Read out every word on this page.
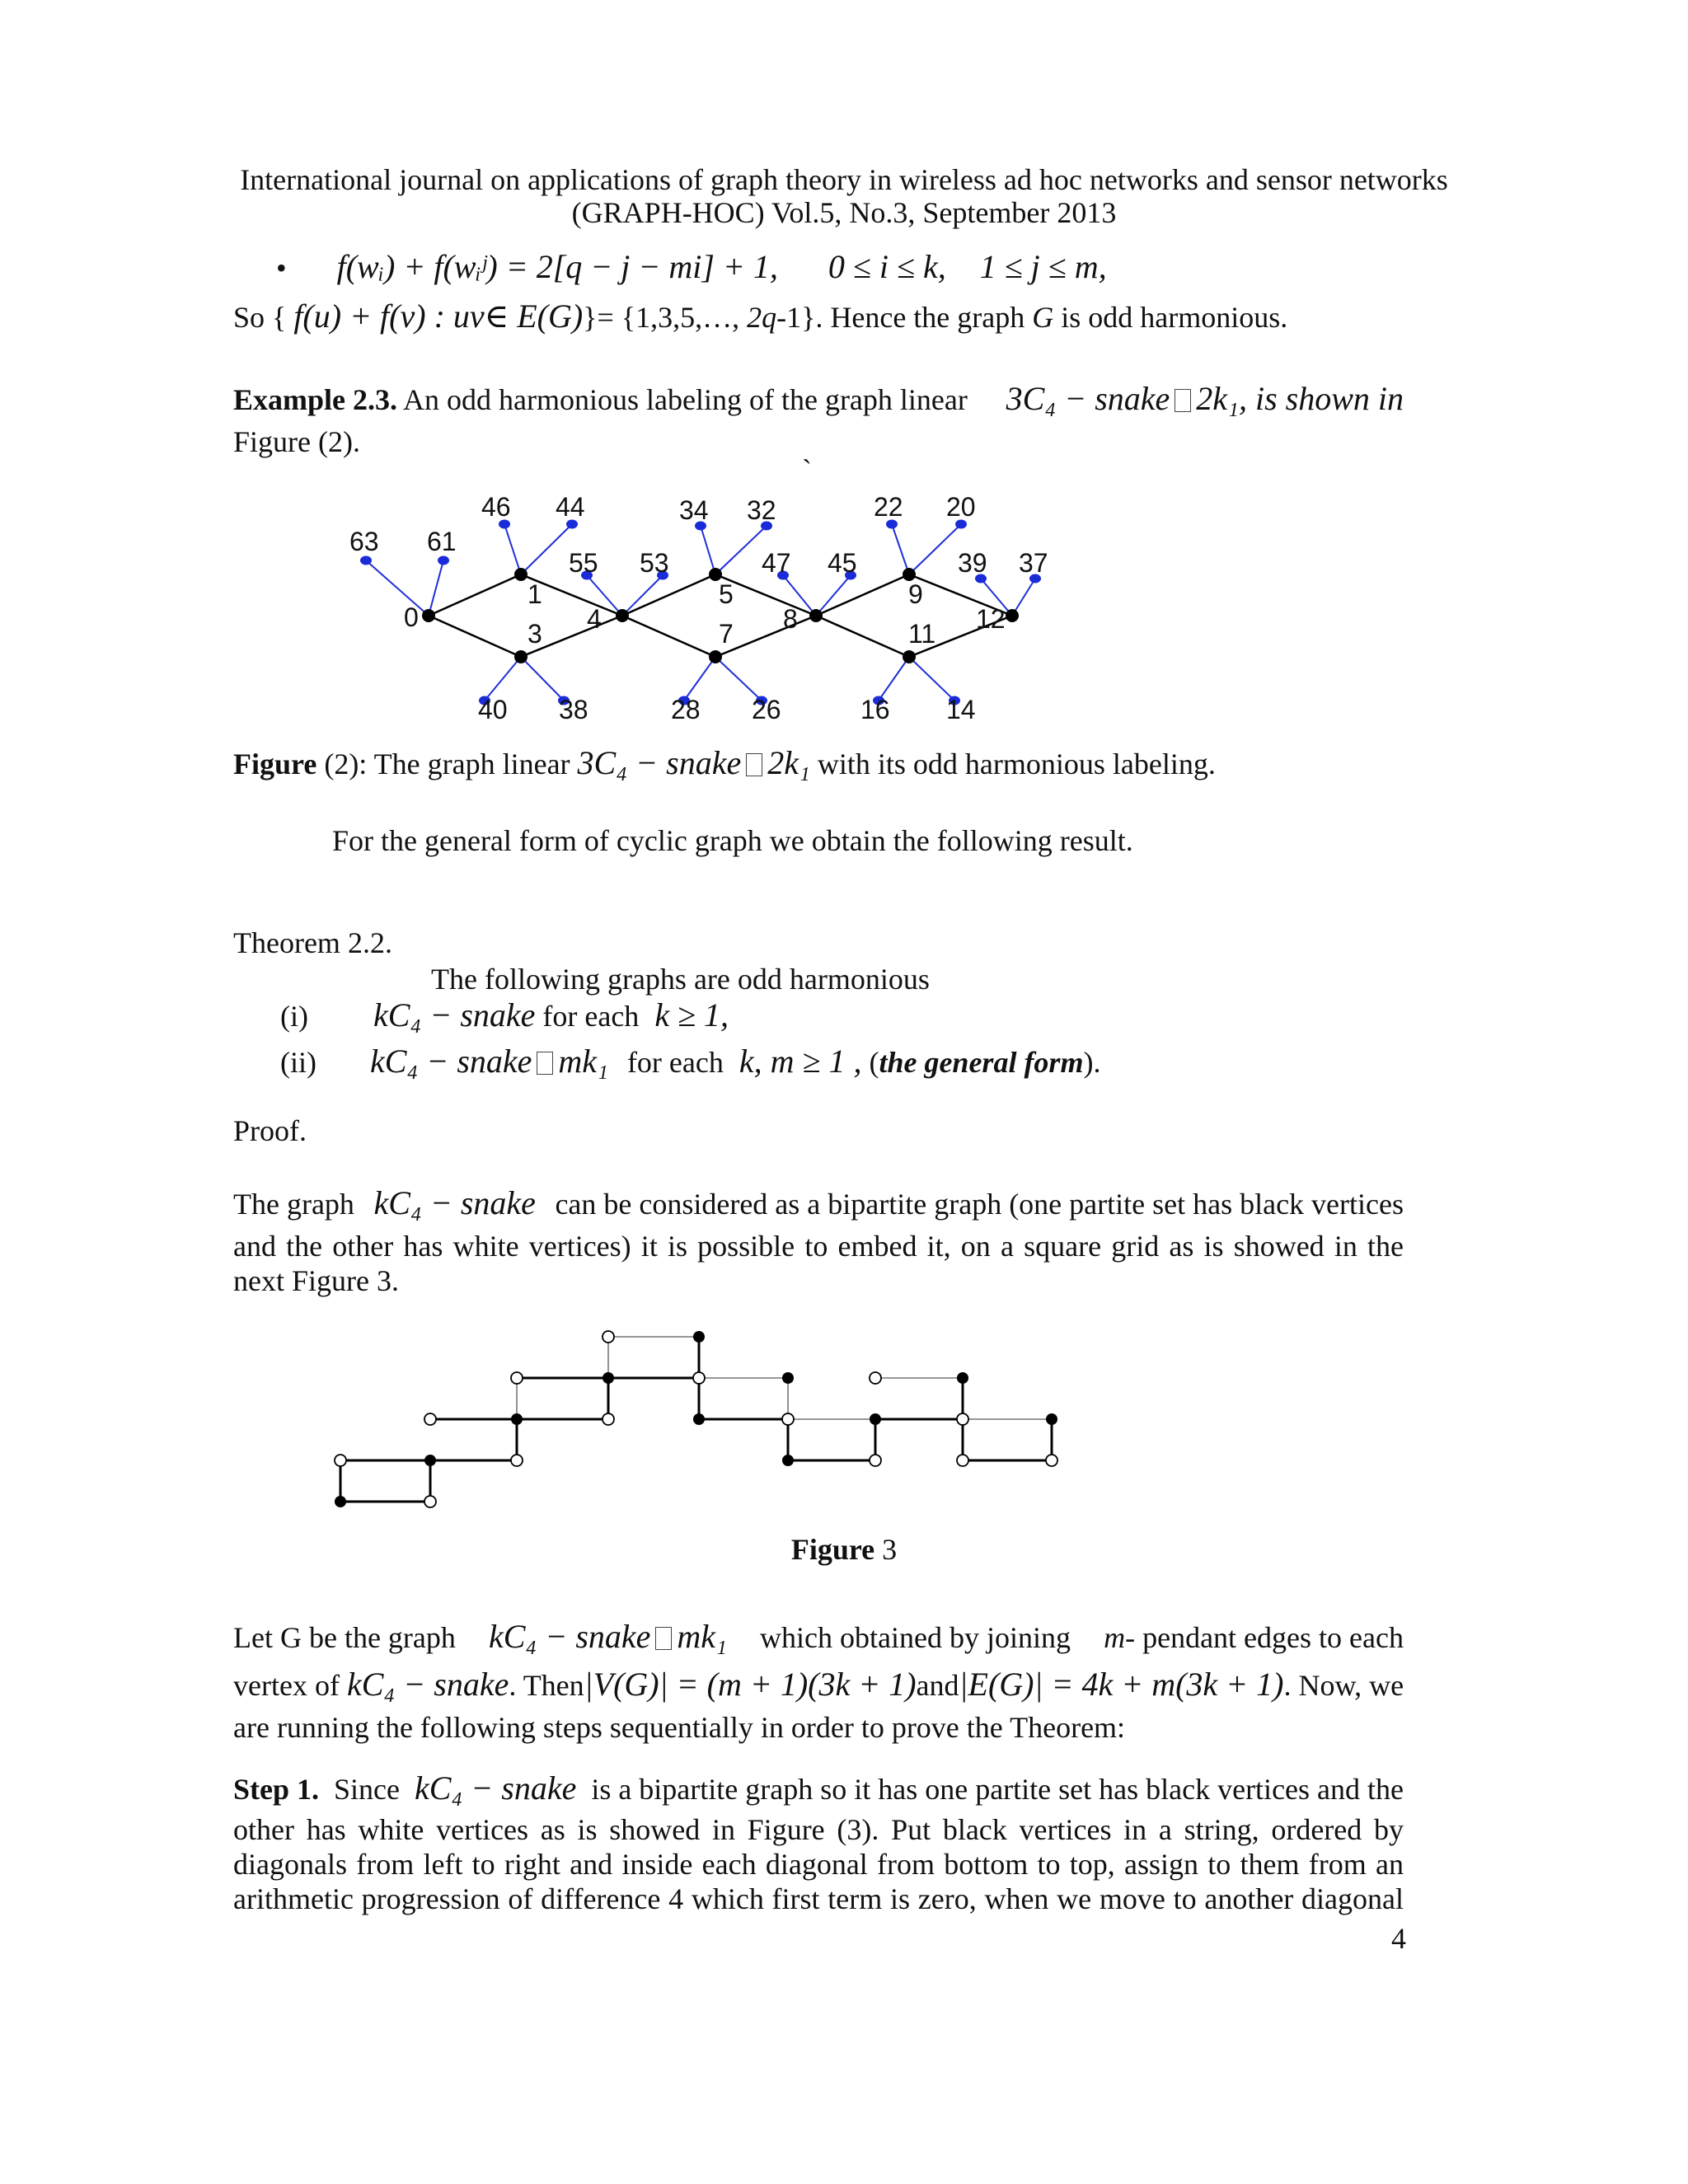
International journal on applications of graph theory in wireless ad hoc networks and sensor networks
(GRAPH-HOC) Vol.5, No.3, September 2013
• f(wᵢ) + f(wᵢʲ) = 2[q − j − mi] + 1, 0 ≤ i ≤ k, 1 ≤ j ≤ m,
So { f(u) + f(v) : uv∈ E(G)}= {1,3,5,…, 2q-1}. Hence the graph G is odd harmonious.
Example 2.3. An odd harmonious labeling of the graph linear 3C₄ − snake 2k₁, is shown in
Figure (2).
`
0
1
3 4
5
7 8
9
11 12
63 61
46 44
55 53
40 38
34 32
28 26
47 45
22 20
39 37
16 14
Figure (2): The graph linear 3C₄ − snake 2k₁ with its odd harmonious labeling.
For the general form of cyclic graph we obtain the following result.
Theorem 2.2.
The following graphs are odd harmonious
(i) kC₄ − snake for each k ≥ 1,
(ii) kC₄ − snake mk₁ for each k, m ≥ 1 , (the general form).
Proof.
The graph kC₄ − snake can be considered as a bipartite graph (one partite set has black vertices
and the other has white vertices) it is possible to embed it, on a square grid as is showed in the
next Figure 3.
Figure 3
Let G be the graph kC₄ − snake mk₁ which obtained by joining m- pendant edges to each
vertex of kC₄ − snake. Then |V(G)| = (m + 1)(3k + 1) and |E(G)| = 4k + m(3k + 1) . Now, we
are running the following steps sequentially in order to prove the Theorem:
Step 1. Since kC₄ − snake is a bipartite graph so it has one partite set has black vertices and the
other has white vertices as is showed in Figure (3). Put black vertices in a string, ordered by
diagonals from left to right and inside each diagonal from bottom to top, assign to them from an
arithmetic progression of difference 4 which first term is zero, when we move to another diagonal
4
